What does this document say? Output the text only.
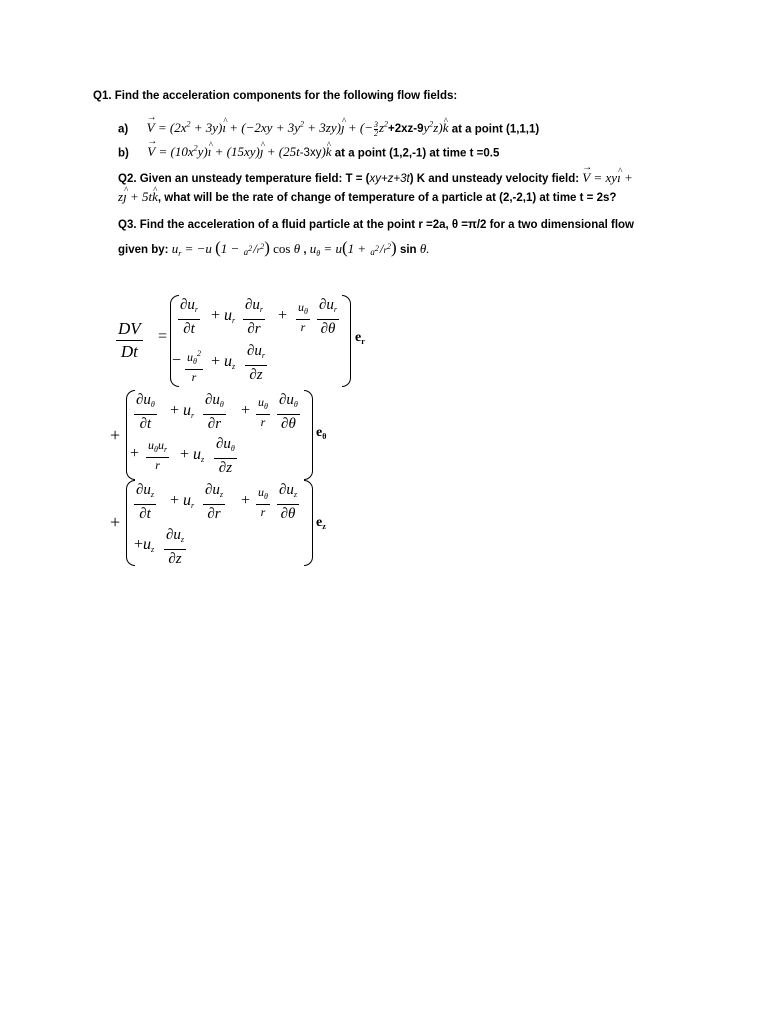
Q1. Find the acceleration components for the following flow fields:
a) V → = ($2x^2$ + 3y)ı ^ + ($-2xy + 3y^2$ + 3zy)ȷ ^ + (− $\frac{3}{2} z^2+2xz-9y^2z)k$ ^ at a point (1,1,1)
b) V → = $(10x^2y)ı$ ^ + (15xy)ȷ ^ + (25t-3xy)k ^ at a point (1,2,-1) at time t =0.5
Q2. Given an unsteady temperature field: T = (xy+z+3t) K and unsteady velocity field: V → = xyı ^ +
zȷ ^ + 5tk ^, what will be the rate of change of temperature of a particle at (2,-2,1) at time t = 2s?
Q3. Find the acceleration of a fluid particle at the point r =2a, θ =π/2 for a two dimensional flow
given by: $u_r = -u$ ($1 - a^2$ $/r^2$) cos θ , $u_\theta = u(1 + a^2$ $/r^2$) sin θ.
$\frac{DV}{Dt} = \frac{\partial u_r}{\partial t} + u_r \frac{\partial u_r}{\partial r} + \frac{u_\theta}{r} \frac{\partial u_r}{\partial\theta}$
− $\frac{u_\theta^2}{r} + u_z \frac{\partial u_r}{\partial z}$
$e_r$
+
$\frac{\partial u_\theta}{\partial t} + u_r \frac{\partial u_\theta}{\partial r} + \frac{u_\theta}{r} \frac{\partial u_\theta}{\partial\theta}$
+ $u_\theta u_r$
r
+ $u_z \frac{\partial u_\theta}{\partial z}$
$e_\theta$
+ $\frac{\partial u_z}{\partial t} + u_r \frac{\partial u_z}{\partial r} + \frac{u_\theta}{r} \frac{\partial u_z}{\partial\theta}$
$+u_z \frac{\partial u_z}{\partial z}$
$e_z$
